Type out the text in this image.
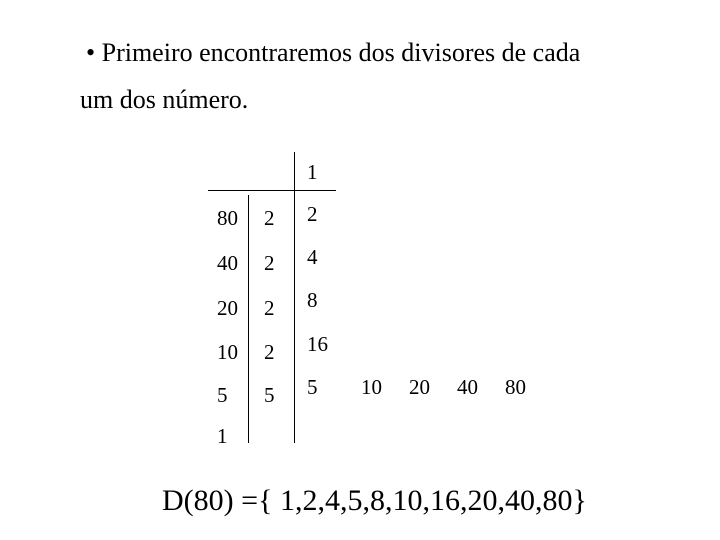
• Primeiro encontraremos dos divisores de cada
um dos número.
1
80
40
20
10
5
1
2
2
2
2
5
2
4
8
16
5 10 20 40 80
D(80) ={ 1,2,4,5,8,10,16,20,40,80}
